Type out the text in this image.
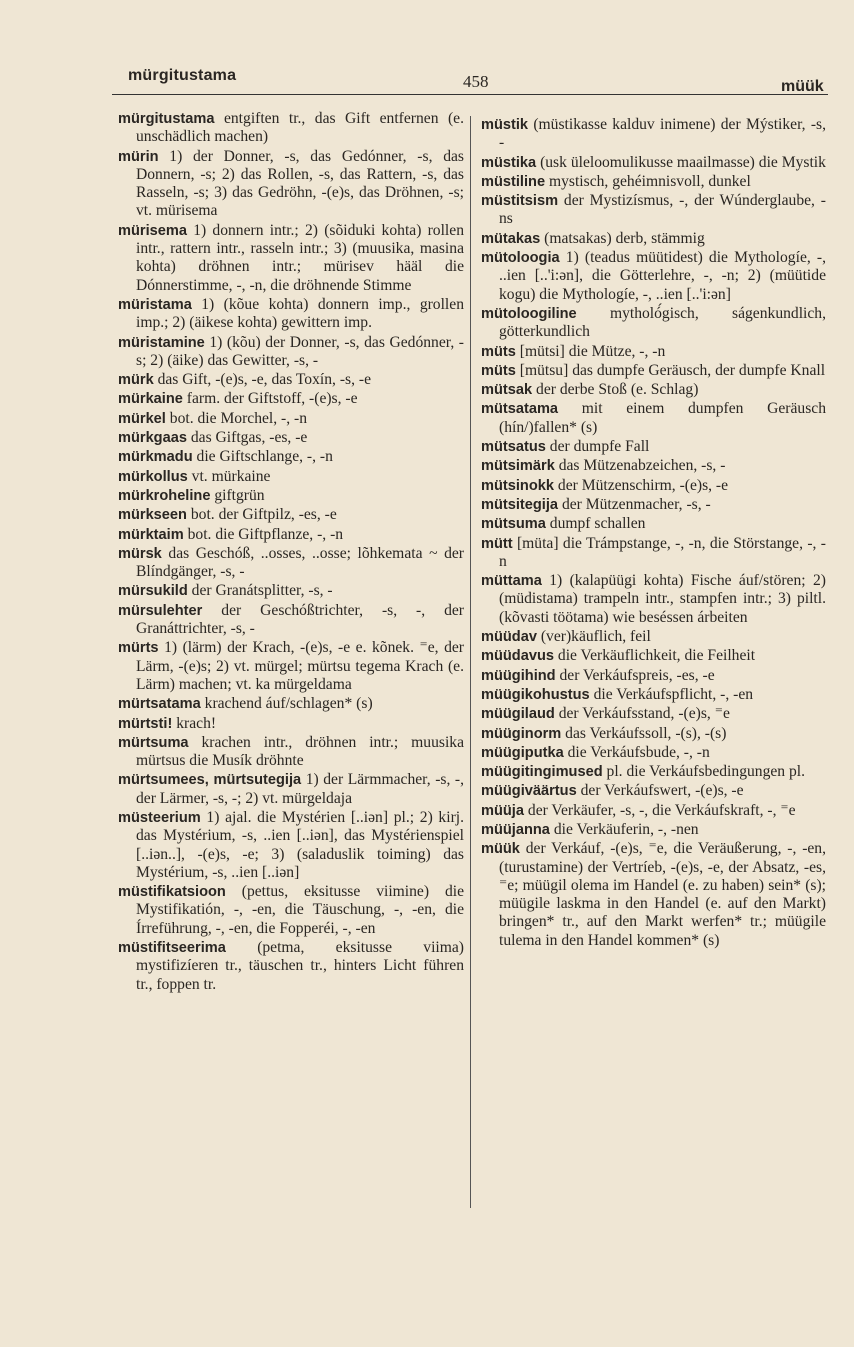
mürgitustama	458	müük
mürgitustama entgiften tr., das Gift entfernen (e. unschädlich machen)
mürin 1) der Donner, -s, das Gedónner, -s, das Donnern, -s; 2) das Rollen, -s, das Rattern, -s, das Rasseln, -s; 3) das Gedröhn, -(e)s, das Dröhnen, -s; vt. mürisema
mürisema 1) donnern intr.; 2) (sõiduki kohta) rollen intr., rattern intr., rasseln intr.; 3) (muusika, masina kohta) dröhnen intr.; mürisev hääl die Dónnerstimme, -, -n, die dröhnende Stimme
müristama 1) (kõue kohta) donnern imp., grollen imp.; 2) (äikese kohta) gewittern imp.
müristamine 1) (kõu) der Donner, -s, das Gedónner, -s; 2) (äike) das Gewitter, -s, -
mürk das Gift, -(e)s, -e, das Toxín, -s, -e
mürkaine farm. der Giftstoff, -(e)s, -e
mürkel bot. die Morchel, -, -n
mürkgaas das Giftgas, -es, -e
mürkmadu die Giftschlange, -, -n
mürkollus vt. mürkaine
mürkroheline giftgrün
mürkseen bot. der Giftpilz, -es, -e
mürktaim bot. die Giftpflanze, -, -n
mürsk das Geschóß, ..osses, ..osse; lõhkemata ~ der Blíndgänger, -s, -
mürsukild der Granátsplitter, -s, -
mürsulehter der Geschóßtrichter, -s, -, der Granáttrichter, -s, -
mürts 1) (lärm) der Krach, -(e)s, -e e. kõnek. ⁼e, der Lärm, -(e)s; 2) vt. mürgel; mürtsu tegema Krach (e. Lärm) machen; vt. ka mürgeldama
mürtsatama krachend áuf/schlagen* (s)
mürtsti! krach!
mürtsuma krachen intr., dröhnen intr.; muusika mürtsus die Musík dröhnte
mürtsumees, mürtsutegija 1) der Lärmmacher, -s, -, der Lärmer, -s, -; 2) vt. mürgeldaja
müsteerium 1) ajal. die Mystérien [..iən] pl.; 2) kirj. das Mystérium, -s, ..ien [..iən], das Mystérienspiel [..iən..], -(e)s, -e; 3) (saladuslik toiming) das Mystérium, -s, ..ien [..iən]
müstifikatsioon (pettus, eksitusse viimine) die Mystifikatión, -, -en, die Täuschung, -, -en, die Írreführung, -, -en, die Fopperéi, -, -en
müstifitseerima (petma, eksitusse viima) mystifizíeren tr., täuschen tr., hinters Licht führen tr., foppen tr.
müstik (müstikasse kalduv inimene) der Mýstiker, -s, -
müstika (usk üleloomulikusse maailmasse) die Mystik
müstiline mystisch, gehéimnisvoll, dunkel
müstitsism der Mystizísmus, -, der Wúnderglaube, -ns
mütakas (matsakas) derb, stämmig
mütoloogia 1) (teadus müütidest) die Mythologíe, -, ..ien [..'i:ən], die Götterlehre, -, -n; 2) (müütide kogu) die Mythologíe, -, ..ien [..'i:ən]
mütoloogiline mytholó́gisch, ságenkundlich, götterkundlich
müts [mütsi] die Mütze, -, -n
müts [mütsu] das dumpfe Geräusch, der dumpfe Knall
mütsak der derbe Stoß (e. Schlag)
mütsatama mit einem dumpfen Geräusch (hín/)fallen* (s)
mütsatus der dumpfe Fall
mütsimärk das Mützenabzeichen, -s, -
mütsinokk der Mützenschirm, -(e)s, -e
mütsitegija der Mützenmacher, -s, -
mütsuma dumpf schallen
mütt [müta] die Trámpstange, -, -n, die Störstange, -, -n
müttama 1) (kalapüügi kohta) Fische áuf/stören; 2) (müdistama) trampeln intr., stampfen intr.; 3) piltl. (kõvasti töötama) wie beséssen árbeiten
müüdav (ver)käuflich, feil
müüdavus die Verkäuflichkeit, die Feilheit
müügihind der Verkáufspreis, -es, -e
müügikohustus die Verkáufspflicht, -, -en
müügilaud der Verkáufsstand, -(e)s, ⁼e
müüginorm das Verkáufssoll, -(s), -(s)
müügiputka die Verkáufsbude, -, -n
müügitingimused pl. die Verkáufsbedingungen pl.
müügiväärtus der Verkáufswert, -(e)s, -e
müüja der Verkäufer, -s, -, die Verkáufskraft, -, ⁼e
müüjanna die Verkäuferin, -, -nen
müük der Verkáuf, -(e)s, ⁼e, die Veräußerung, -, -en, (turustamine) der Vertríeb, -(e)s, -e, der Absatz, -es, ⁼e; müügil olema im Handel (e. zu haben) sein* (s); müügile laskma in den Handel (e. auf den Markt) bringen* tr., auf den Markt werfen* tr.; müügile tulema in den Handel kommen* (s)
